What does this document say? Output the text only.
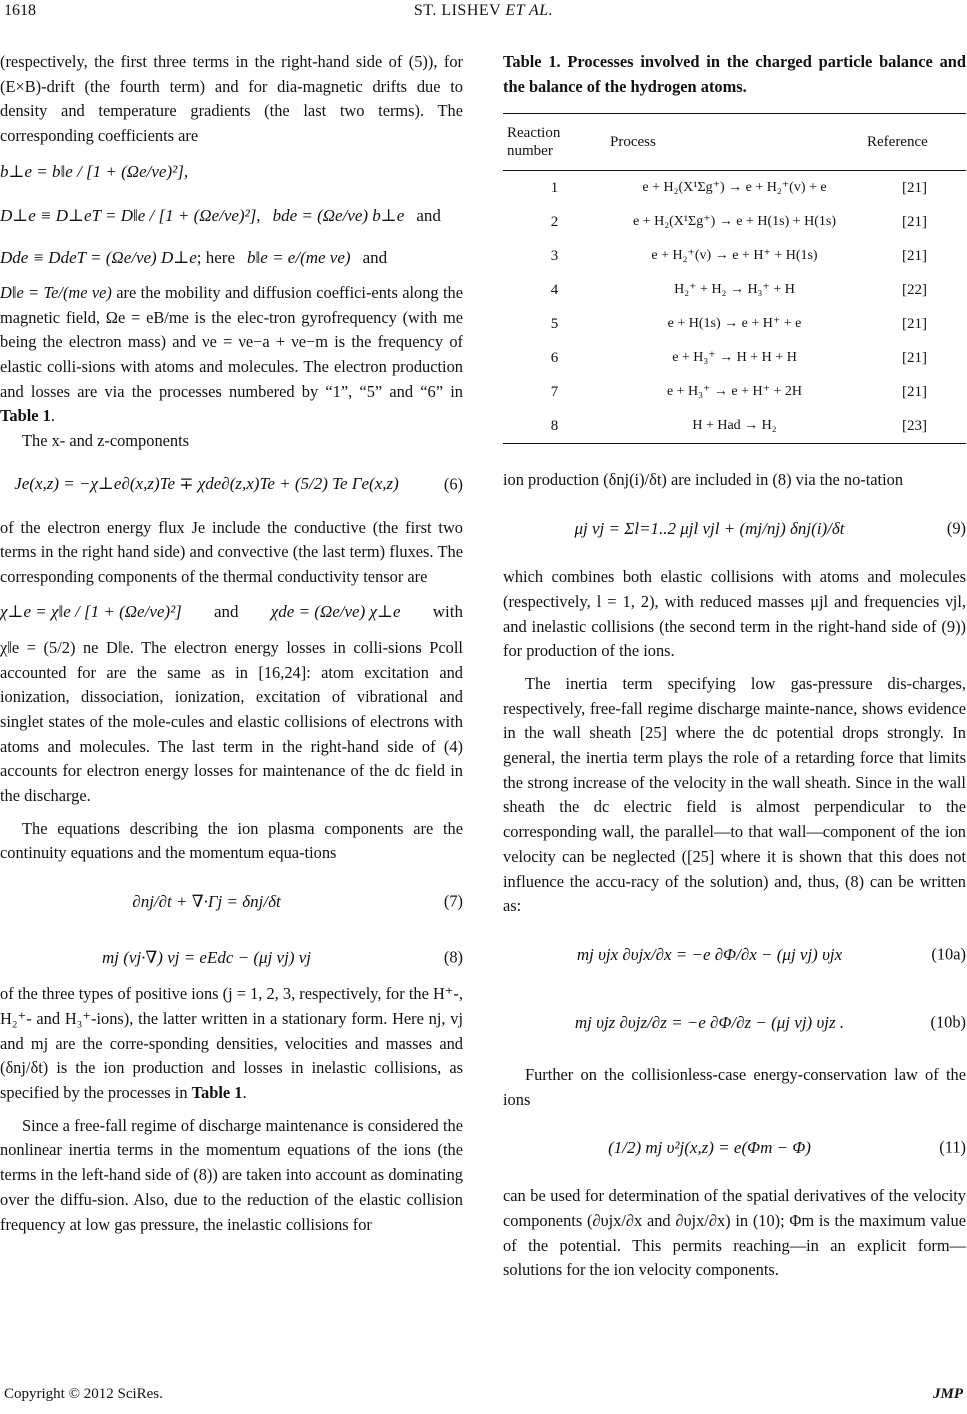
1618	ST. LISHEV ET AL.

(respectively, the first three terms in the right-hand side of (5)), for (E×B)-drift (the fourth term) and for dia-magnetic drifts due to density and temperature gradients (the last two terms). The corresponding coefficients are

b⊥e = b‖e / [1 + (Ωe/νe)²],
D⊥e ≡ D⊥eT = D‖e / [1 + (Ωe/νe)²], bde = (Ωe/νe) b⊥e and
Dde ≡ DdeT = (Ωe/νe) D⊥e ; here b‖e = e/(me νe) and

D‖e = Te/(me νe) are the mobility and diffusion coeffici-ents along the magnetic field, Ωe = eB/me is the elec-tron gyrofrequency (with me being the electron mass) and νe = νe−a + νe−m is the frequency of elastic colli-sions with atoms and molecules. The electron production and losses are via the processes numbered by “1”, “5” and “6” in Table 1.

The x- and z-components

Je(x,z) = −χ⊥e∂(x,z)Te ∓ χde∂(z,x)Te + (5/2) Te Γe(x,z)	(6)

of the electron energy flux Je include the conductive (the first two terms in the right hand side) and convective (the last term) fluxes. The corresponding components of the thermal conductivity tensor are

χ⊥e = χ‖e / [1 + (Ωe/νe)²] and χde = (Ωe/νe) χ⊥e with

χ‖e = (5/2) ne D‖e. The electron energy losses in colli-sions Pcoll accounted for are the same as in [16,24]: atom excitation and ionization, dissociation, ionization, excitation of vibrational and singlet states of the mole-cules and elastic collisions of electrons with atoms and molecules. The last term in the right-hand side of (4) accounts for electron energy losses for maintenance of the dc field in the discharge.

The equations describing the ion plasma components are the continuity equations and the momentum equa-tions

∂nj/∂t + ∇·Γj = δnj/δt	(7)
mj (vj·∇) vj = eEdc − (μj νj) vj	(8)

of the three types of positive ions (j = 1, 2, 3, respectively, for the H⁺-, H₂⁺- and H₃⁺-ions), the latter written in a stationary form. Here nj, vj and mj are the corre-sponding densities, velocities and masses and (δnj/δt) is the ion production and losses in inelastic collisions, as specified by the processes in Table 1.

Since a free-fall regime of discharge maintenance is considered the nonlinear inertia terms in the momentum equations of the ions (the terms in the left-hand side of (8)) are taken into account as dominating over the diffu-sion. Also, due to the reduction of the elastic collision frequency at low gas pressure, the inelastic collisions for

Table 1. Processes involved in the charged particle balance and the balance of the hydrogen atoms.

Reaction number	Process	Reference
1	e + H₂(X¹Σg⁺) → e + H₂⁺(v) + e	[21]
2	e + H₂(X¹Σg⁺) → e + H(1s) + H(1s)	[21]
3	e + H₂⁺(v) → e + H⁺ + H(1s)	[21]
4	H₂⁺ + H₂ → H₃⁺ + H	[22]
5	e + H(1s) → e + H⁺ + e	[21]
6	e + H₃⁺ → H + H + H	[21]
7	e + H₃⁺ → e + H⁺ + 2H	[21]
8	H + Had → H₂	[23]

ion production (δnj(i)/δt) are included in (8) via the no-tation

μj νj = Σl=1..2 μjl νjl + (mj/nj) δnj(i)/δt	(9)

which combines both elastic collisions with atoms and molecules (respectively, l = 1, 2), with reduced masses μjl and frequencies νjl, and inelastic collisions (the second term in the right-hand side of (9)) for production of the ions.

The inertia term specifying low gas-pressure dis-charges, respectively, free-fall regime discharge mainte-nance, shows evidence in the wall sheath [25] where the dc potential drops strongly. In general, the inertia term plays the role of a retarding force that limits the strong increase of the velocity in the wall sheath. Since in the wall sheath the dc electric field is almost perpendicular to the corresponding wall, the parallel—to that wall—component of the ion velocity can be neglected ([25] where it is shown that this does not influence the accu-racy of the solution) and, thus, (8) can be written as:

mj υjx ∂υjx/∂x = −e ∂Φ/∂x − (μj νj) υjx	(10a)
mj υjz ∂υjz/∂z = −e ∂Φ/∂z − (μj νj) υjz .	(10b)

Further on the collisionless-case energy-conservation law of the ions

(1/2) mj υ²j(x,z) = e(Φm − Φ)	(11)

can be used for determination of the spatial derivatives of the velocity components (∂υjx/∂x and ∂υjx/∂x) in (10); Φm is the maximum value of the potential. This permits reaching—in an explicit form—solutions for the ion velocity components.

Copyright © 2012 SciRes.	JMP
